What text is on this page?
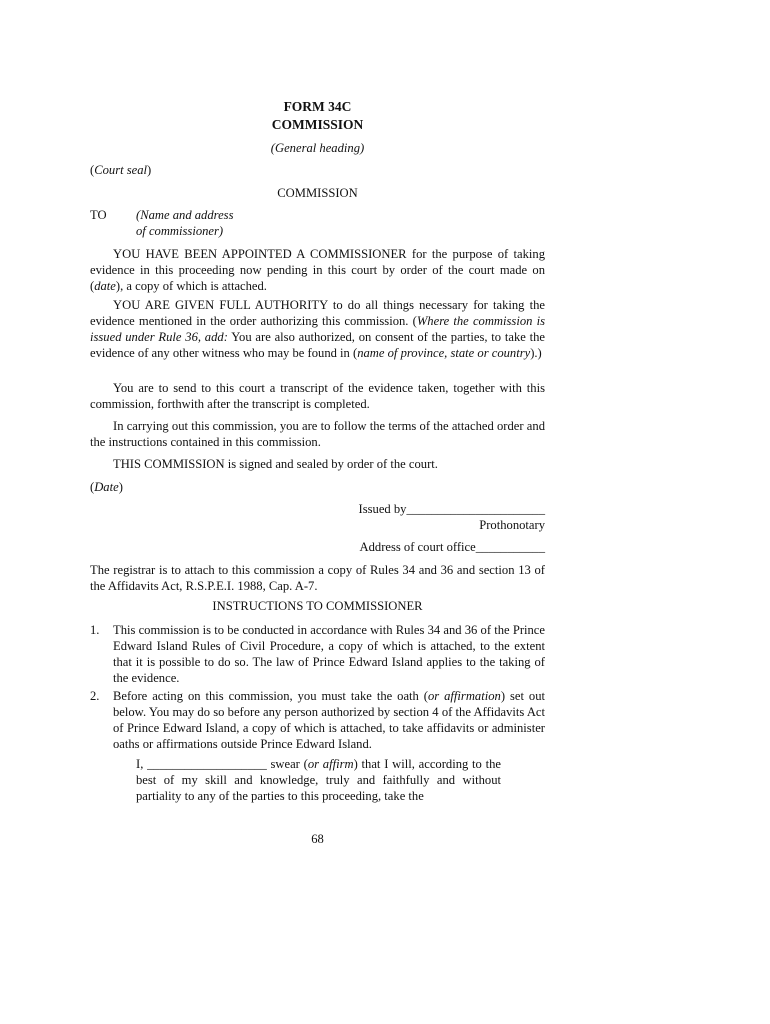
FORM 34C

COMMISSION

(General heading)

(Court seal)

COMMISSION

TO (Name and address

of commissioner)

YOU HAVE BEEN APPOINTED A COMMISSIONER for the purpose of taking evidence in this proceeding now pending in this court by order of the court made on (date), a copy of which is attached.

YOU ARE GIVEN FULL AUTHORITY to do all things necessary for taking the evidence mentioned in the order authorizing this commission. (Where the commission is issued under Rule 36, add: You are also authorized, on consent of the parties, to take the evidence of any other witness who may be found in (name of province, state or country).)

You are to send to this court a transcript of the evidence taken, together with this commission, forthwith after the transcript is completed.

In carrying out this commission, you are to follow the terms of the attached order and the instructions contained in this commission.

THIS COMMISSION is signed and sealed by order of the court.

(Date)

Issued by______________________

Prothonotary

Address of court office___________

The registrar is to attach to this commission a copy of Rules 34 and 36 and section 13 of the Affidavits Act, R.S.P.E.I. 1988, Cap. A-7.

INSTRUCTIONS TO COMMISSIONER

1. This commission is to be conducted in accordance with Rules 34 and 36 of the Prince Edward Island Rules of Civil Procedure, a copy of which is attached, to the extent that it is possible to do so. The law of Prince Edward Island applies to the taking of the evidence.

2. Before acting on this commission, you must take the oath (or affirmation) set out below. You may do so before any person authorized by section 4 of the Affidavits Act of Prince Edward Island, a copy of which is attached, to take affidavits or administer oaths or affirmations outside Prince Edward Island.

I, ___________________ swear (or affirm) that I will, according to the best of my skill and knowledge, truly and faithfully and without partiality to any of the parties to this proceeding, take the

68
